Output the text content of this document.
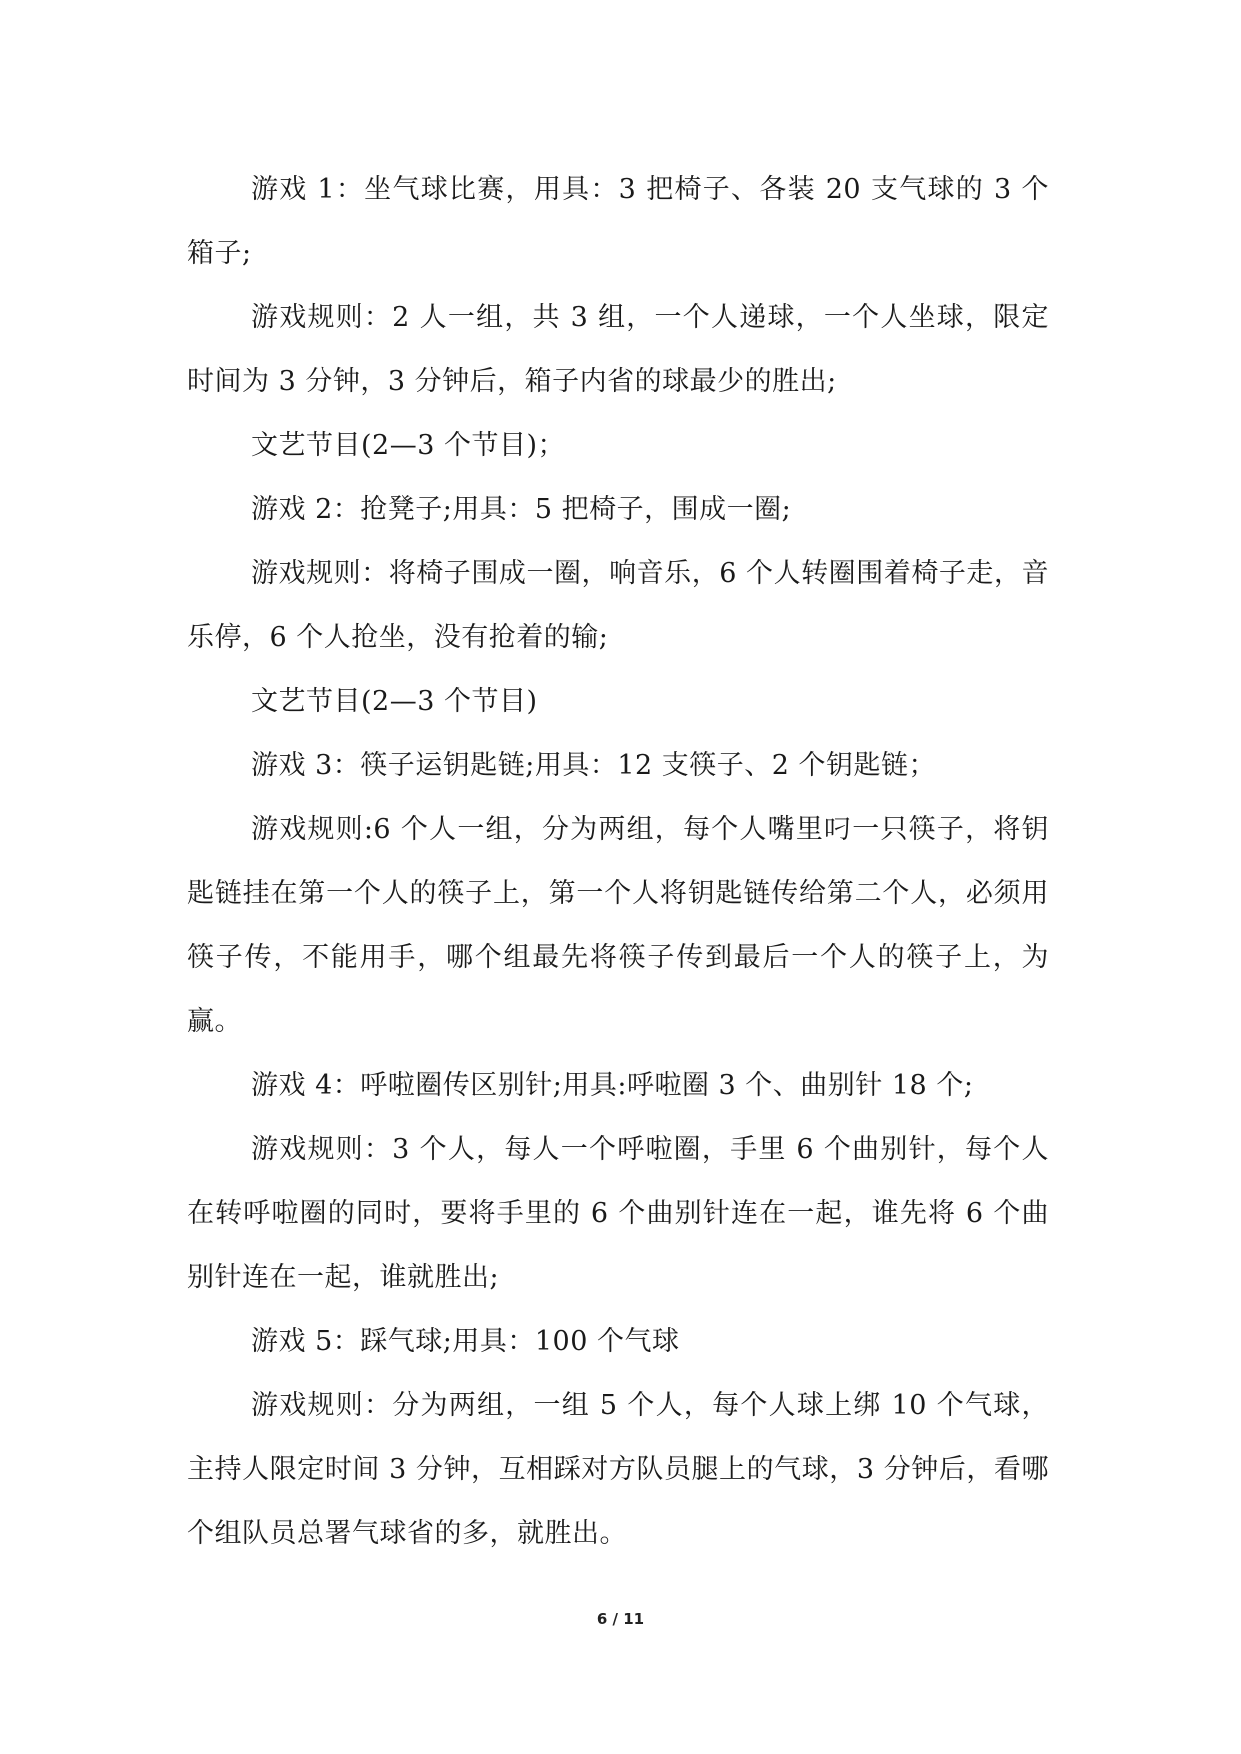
游戏 1：坐气球比赛，用具：3 把椅子、各装 20 支气球的 3 个箱子;

游戏规则：2 人一组，共 3 组，一个人递球，一个人坐球，限定时间为 3 分钟，3 分钟后，箱子内省的球最少的胜出;

文艺节目(2—3 个节目)；

游戏 2：抢凳子;用具：5 把椅子，围成一圈;

游戏规则：将椅子围成一圈，响音乐，6 个人转圈围着椅子走，音乐停，6 个人抢坐，没有抢着的输;

文艺节目(2—3 个节目)

游戏 3：筷子运钥匙链;用具：12 支筷子、2 个钥匙链；

游戏规则:6 个人一组，分为两组，每个人嘴里叼一只筷子，将钥匙链挂在第一个人的筷子上，第一个人将钥匙链传给第二个人，必须用筷子传，不能用手，哪个组最先将筷子传到最后一个人的筷子上，为赢。

游戏 4：呼啦圈传区别针;用具:呼啦圈 3 个、曲别针 18 个;

游戏规则：3 个人，每人一个呼啦圈，手里 6 个曲别针，每个人在转呼啦圈的同时，要将手里的 6 个曲别针连在一起，谁先将 6 个曲别针连在一起，谁就胜出;

游戏 5：踩气球;用具：100 个气球

游戏规则：分为两组，一组 5 个人，每个人球上绑 10 个气球，主持人限定时间 3 分钟，互相踩对方队员腿上的气球，3 分钟后，看哪个组队员总署气球省的多，就胜出。

6 / 11
